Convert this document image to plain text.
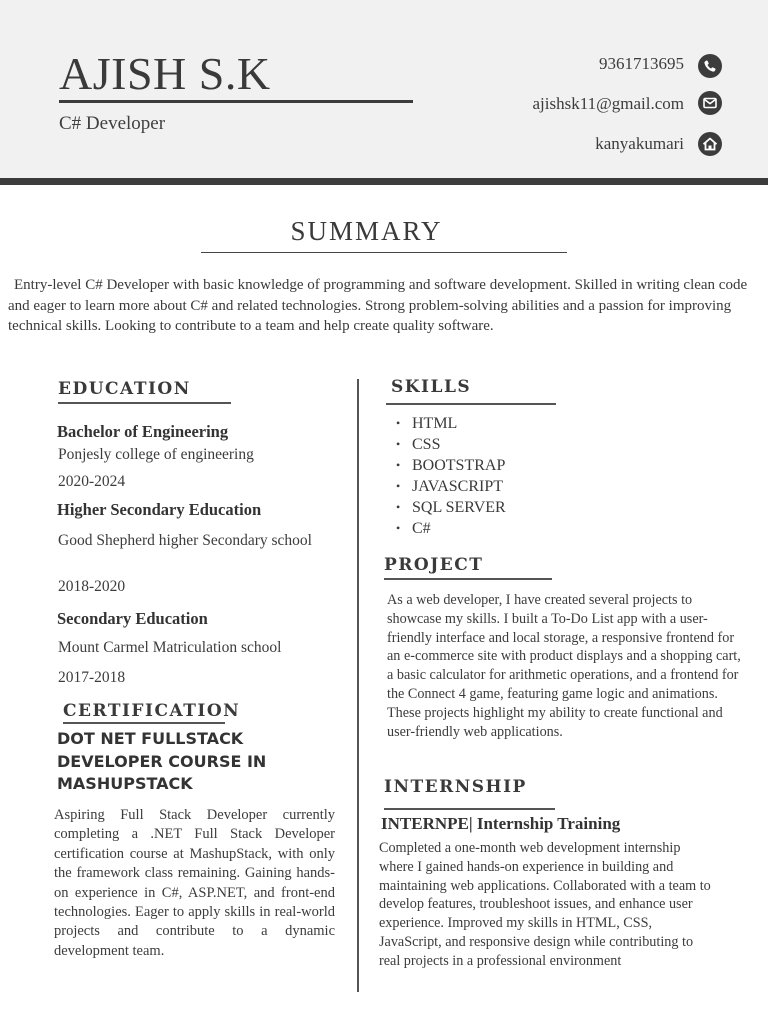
AJISH S.K
C# Developer
9361713695
ajishsk11@gmail.com
kanyakumari
SUMMARY
Entry-level C# Developer with basic knowledge of programming and software development. Skilled in writing clean code and eager to learn more about C# and related technologies. Strong problem-solving abilities and a passion for improving technical skills. Looking to contribute to a team and help create quality software.
EDUCATION
Bachelor of Engineering
Ponjesly college of engineering
2020-2024
Higher Secondary Education
Good Shepherd higher Secondary school
2018-2020
Secondary Education
Mount Carmel Matriculation school
2017-2018
CERTIFICATION
DOT NET FULLSTACK DEVELOPER COURSE IN MASHUPSTACK
Aspiring Full Stack Developer currently completing a .NET Full Stack Developer certification course at MashupStack, with only the framework class remaining. Gaining hands-on experience in C#, ASP.NET, and front-end technologies. Eager to apply skills in real-world projects and contribute to a dynamic development team.
SKILLS
• HTML
• CSS
• BOOTSTRAP
• JAVASCRIPT
• SQL SERVER
• C#
PROJECT
As a web developer, I have created several projects to showcase my skills. I built a To-Do List app with a user-friendly interface and local storage, a responsive frontend for an e-commerce site with product displays and a shopping cart, a basic calculator for arithmetic operations, and a frontend for the Connect 4 game, featuring game logic and animations. These projects highlight my ability to create functional and user-friendly web applications.
INTERNSHIP
INTERNPE| Internship Training
Completed a one-month web development internship where I gained hands-on experience in building and maintaining web applications. Collaborated with a team to develop features, troubleshoot issues, and enhance user experience. Improved my skills in HTML, CSS, JavaScript, and responsive design while contributing to real projects in a professional environment
